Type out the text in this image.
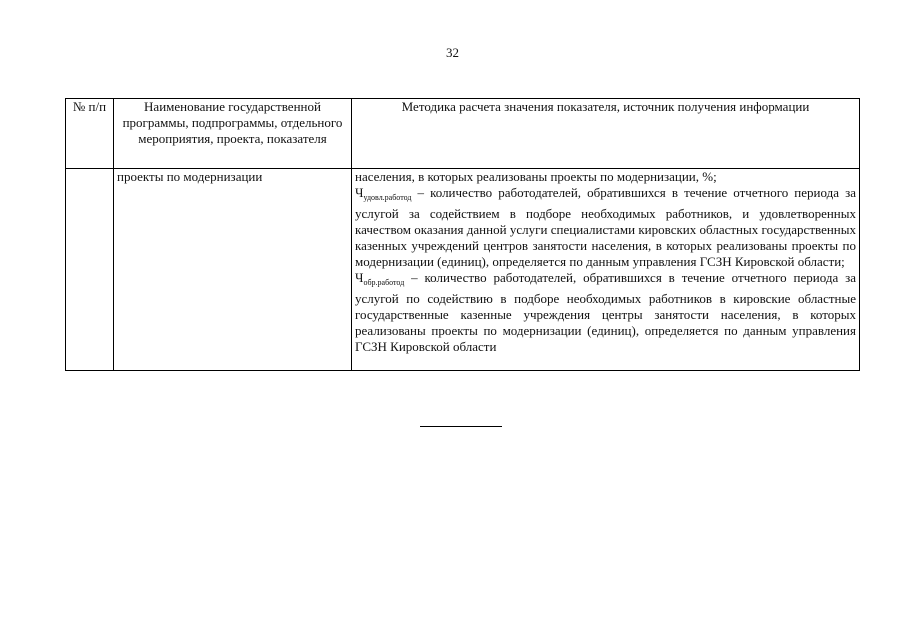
32
№ п/п	Наименование государственной программы, подпрограммы, отдельного мероприятия, проекта, показателя	Методика расчета значения показателя, источник получения информации
	проекты по модернизации	населения, в которых реализованы проекты по модернизации, %;
$Ч_{удовл.работод}$ – количество работодателей, обратившихся в течение отчетного периода за услугой за содействием в подборе необходимых работников, и удовлетворенных качеством оказания данной услуги специалистами кировских областных государственных казенных учреждений центров занятости населения, в которых реализованы проекты по модернизации (единиц), определяется по данным управления ГСЗН Кировской области;
$Ч_{обр.работод}$ – количество работодателей, обратившихся в течение отчетного периода за услугой по содействию в подборе необходимых работников в кировские областные государственные казенные учреждения центры занятости населения, в которых реализованы проекты по модернизации (единиц), определяется по данным управления ГСЗН Кировской области
